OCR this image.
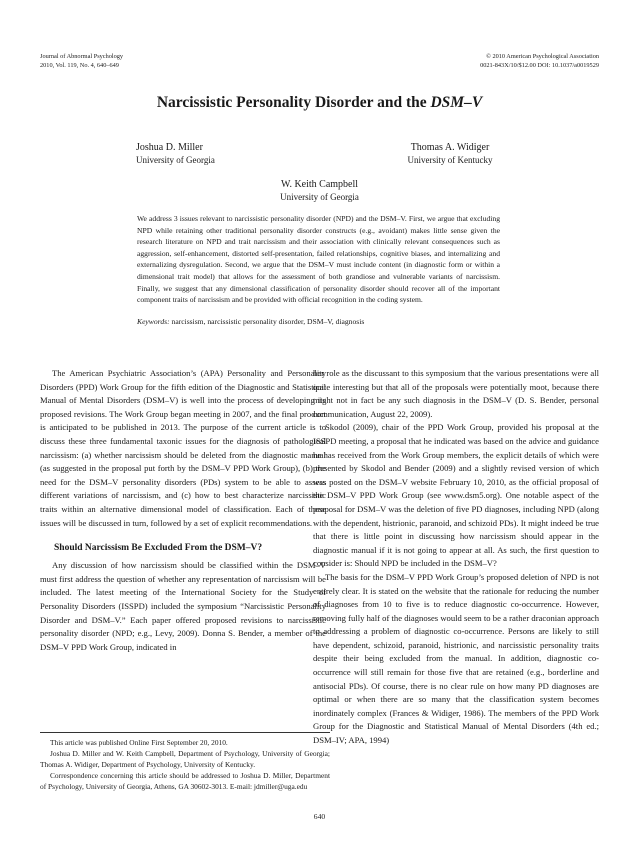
Journal of Abnormal Psychology
2010, Vol. 119, No. 4, 640–649
© 2010 American Psychological Association
0021-843X/10/$12.00 DOI: 10.1037/a0019529
Narcissistic Personality Disorder and the DSM–V
Joshua D. Miller
University of Georgia
Thomas A. Widiger
University of Kentucky
W. Keith Campbell
University of Georgia
We address 3 issues relevant to narcissistic personality disorder (NPD) and the DSM–V. First, we argue that excluding NPD while retaining other traditional personality disorder constructs (e.g., avoidant) makes little sense given the research literature on NPD and trait narcissism and their association with clinically relevant consequences such as aggression, self-enhancement, distorted self-presentation, failed relationships, cognitive biases, and internalizing and externalizing dysregulation. Second, we argue that the DSM–V must include content (in diagnostic form or within a dimensional trait model) that allows for the assessment of both grandiose and vulnerable variants of narcissism. Finally, we suggest that any dimensional classification of personality disorder should recover all of the important component traits of narcissism and be provided with official recognition in the coding system.
Keywords: narcissism, narcissistic personality disorder, DSM–V, diagnosis

The American Psychiatric Association’s (APA) Personality and Personality Disorders (PPD) Work Group for the fifth edition of the Diagnostic and Statistical Manual of Mental Disorders (DSM–V) is well into the process of developing its proposed revisions. The Work Group began meeting in 2007, and the final product is anticipated to be published in 2013. The purpose of the current article is to discuss these three fundamental taxonic issues for the diagnosis of pathological narcissism: (a) whether narcissism should be deleted from the diagnostic manual (as suggested in the proposal put forth by the DSM–V PPD Work Group), (b) the need for the DSM–V personality disorders (PDs) system to be able to assess different variations of narcissism, and (c) how to best characterize narcissistic traits within an alternative dimensional model of classification. Each of these issues will be discussed in turn, followed by a set of explicit recommendations.

Should Narcissism Be Excluded From the DSM–V?

Any discussion of how narcissism should be classified within the DSM–V must first address the question of whether any representation of narcissism will be included. The latest meeting of the International Society for the Study of Personality Disorders (ISSPD) included the symposium “Narcissistic Personality Disorder and DSM–V.” Each paper offered proposed revisions to narcissistic personality disorder (NPD; e.g., Levy, 2009). Donna S. Bender, a member of the DSM–V PPD Work Group, indicated in

her role as the discussant to this symposium that the various presentations were all quite interesting but that all of the proposals were potentially moot, because there might not in fact be any such diagnosis in the DSM–V (D. S. Bender, personal communication, August 22, 2009).

Skodol (2009), chair of the PPD Work Group, provided his proposal at the ISSPD meeting, a proposal that he indicated was based on the advice and guidance he has received from the Work Group members, the explicit details of which were presented by Skodol and Bender (2009) and a slightly revised version of which was posted on the DSM–V website February 10, 2010, as the official proposal of the DSM–V PPD Work Group (see www.dsm5.org). One notable aspect of the proposal for DSM–V was the deletion of five PD diagnoses, including NPD (along with the dependent, histrionic, paranoid, and schizoid PDs). It might indeed be true that there is little point in discussing how narcissism should appear in the diagnostic manual if it is not going to appear at all. As such, the first question to consider is: Should NPD be included in the DSM–V?

The basis for the DSM–V PPD Work Group’s proposed deletion of NPD is not entirely clear. It is stated on the website that the rationale for reducing the number of diagnoses from 10 to five is to reduce diagnostic co-occurrence. However, removing fully half of the diagnoses would seem to be a rather draconian approach to addressing a problem of diagnostic co-occurrence. Persons are likely to still have dependent, schizoid, paranoid, histrionic, and narcissistic personality traits despite their being excluded from the manual. In addition, diagnostic co-occurrence will still remain for those five that are retained (e.g., borderline and antisocial PDs). Of course, there is no clear rule on how many PD diagnoses are optimal or when there are so many that the classification system becomes inordinately complex (Frances & Widiger, 1986). The members of the PPD Work Group for the Diagnostic and Statistical Manual of Mental Disorders (4th ed.; DSM–IV; APA, 1994)

This article was published Online First September 20, 2010.

Joshua D. Miller and W. Keith Campbell, Department of Psychology, University of Georgia; Thomas A. Widiger, Department of Psychology, University of Kentucky.

Correspondence concerning this article should be addressed to Joshua D. Miller, Department of Psychology, University of Georgia, Athens, GA 30602-3013. E-mail: jdmiller@uga.edu

640
